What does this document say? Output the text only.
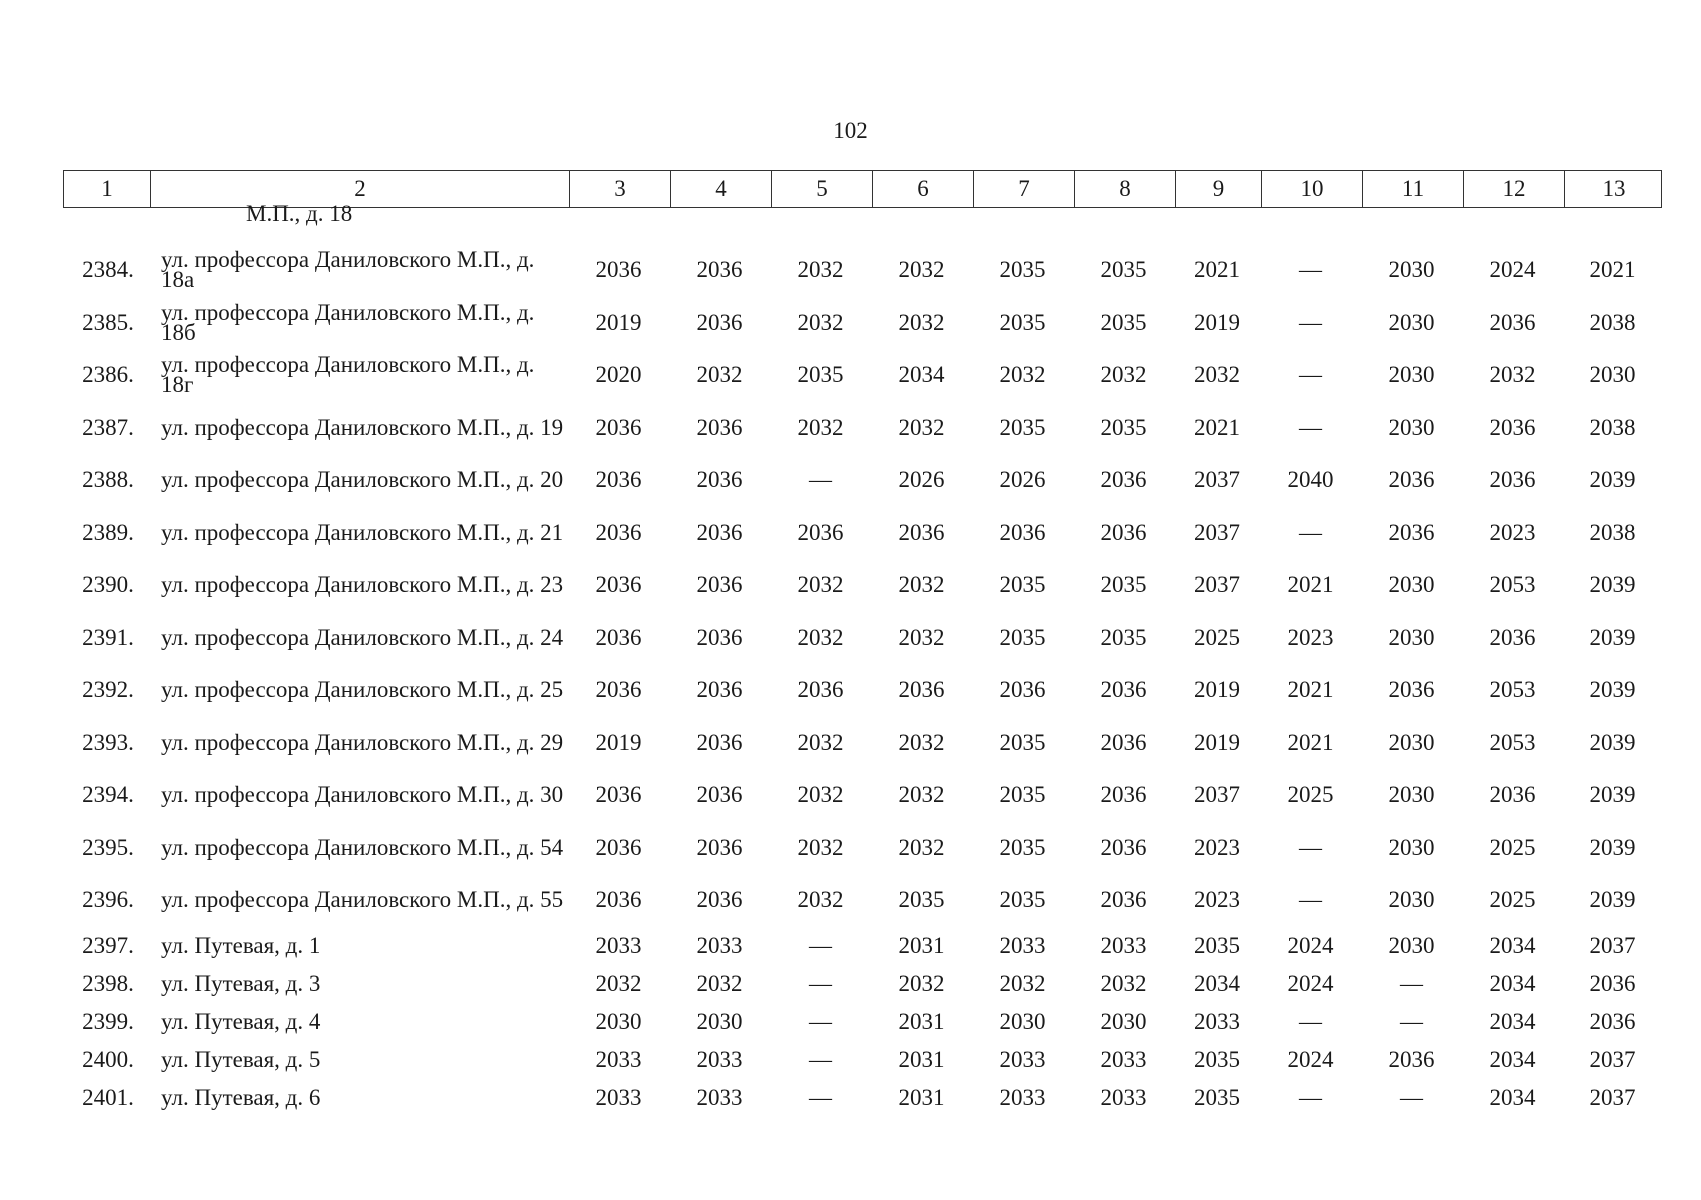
102
1	2	3	4	5	6	7	8	9	10	11	12	13
М.П., д. 18
2384.	ул. профессора Даниловского М.П., д. 18а	2036	2036	2032	2032	2035	2035	2021	—	2030	2024	2021
2385.	ул. профессора Даниловского М.П., д. 18б	2019	2036	2032	2032	2035	2035	2019	—	2030	2036	2038
2386.	ул. профессора Даниловского М.П., д. 18г	2020	2032	2035	2034	2032	2032	2032	—	2030	2032	2030
2387.	ул. профессора Даниловского М.П., д. 19	2036	2036	2032	2032	2035	2035	2021	—	2030	2036	2038
2388.	ул. профессора Даниловского М.П., д. 20	2036	2036	—	2026	2026	2036	2037	2040	2036	2036	2039
2389.	ул. профессора Даниловского М.П., д. 21	2036	2036	2036	2036	2036	2036	2037	—	2036	2023	2038
2390.	ул. профессора Даниловского М.П., д. 23	2036	2036	2032	2032	2035	2035	2037	2021	2030	2053	2039
2391.	ул. профессора Даниловского М.П., д. 24	2036	2036	2032	2032	2035	2035	2025	2023	2030	2036	2039
2392.	ул. профессора Даниловского М.П., д. 25	2036	2036	2036	2036	2036	2036	2019	2021	2036	2053	2039
2393.	ул. профессора Даниловского М.П., д. 29	2019	2036	2032	2032	2035	2036	2019	2021	2030	2053	2039
2394.	ул. профессора Даниловского М.П., д. 30	2036	2036	2032	2032	2035	2036	2037	2025	2030	2036	2039
2395.	ул. профессора Даниловского М.П., д. 54	2036	2036	2032	2032	2035	2036	2023	—	2030	2025	2039
2396.	ул. профессора Даниловского М.П., д. 55	2036	2036	2032	2035	2035	2036	2023	—	2030	2025	2039
2397.	ул. Путевая, д. 1	2033	2033	—	2031	2033	2033	2035	2024	2030	2034	2037
2398.	ул. Путевая, д. 3	2032	2032	—	2032	2032	2032	2034	2024	—	2034	2036
2399.	ул. Путевая, д. 4	2030	2030	—	2031	2030	2030	2033	—	—	2034	2036
2400.	ул. Путевая, д. 5	2033	2033	—	2031	2033	2033	2035	2024	2036	2034	2037
2401.	ул. Путевая, д. 6	2033	2033	—	2031	2033	2033	2035	—	—	2034	2037
